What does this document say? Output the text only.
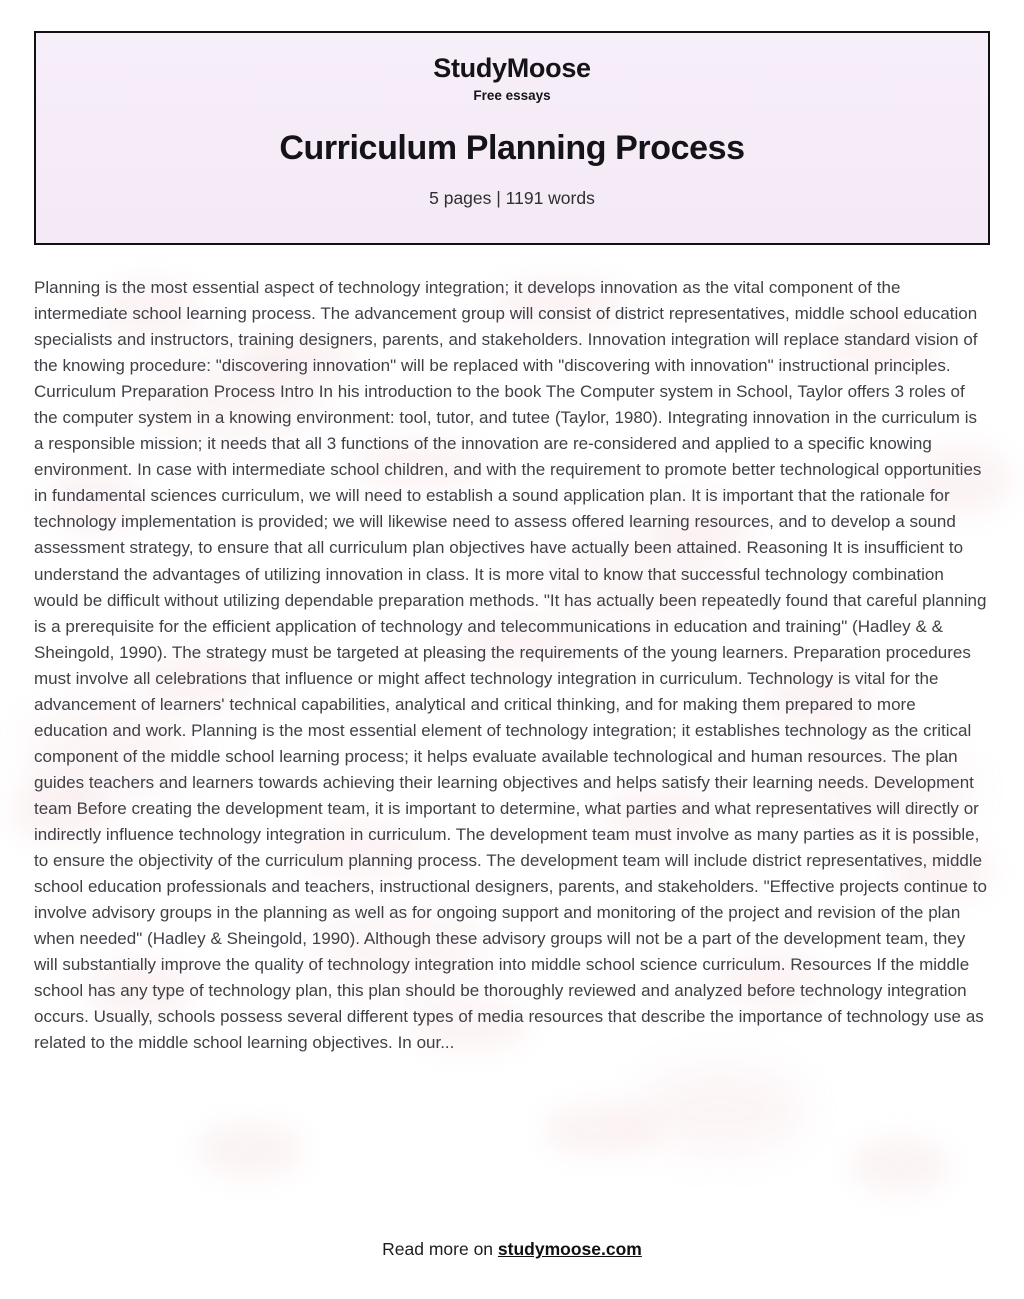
StudyMoose
Free essays
Curriculum Planning Process
5 pages | 1191 words
Planning is the most essential aspect of technology integration; it develops innovation as the vital component of the intermediate school learning process. The advancement group will consist of district representatives, middle school education specialists and instructors, training designers, parents, and stakeholders. Innovation integration will replace standard vision of the knowing procedure: "discovering innovation" will be replaced with "discovering with innovation" instructional principles. Curriculum Preparation Process Intro In his introduction to the book The Computer system in School, Taylor offers 3 roles of the computer system in a knowing environment: tool, tutor, and tutee (Taylor, 1980). Integrating innovation in the curriculum is a responsible mission; it needs that all 3 functions of the innovation are re-considered and applied to a specific knowing environment. In case with intermediate school children, and with the requirement to promote better technological opportunities in fundamental sciences curriculum, we will need to establish a sound application plan. It is important that the rationale for technology implementation is provided; we will likewise need to assess offered learning resources, and to develop a sound assessment strategy, to ensure that all curriculum plan objectives have actually been attained. Reasoning It is insufficient to understand the advantages of utilizing innovation in class. It is more vital to know that successful technology combination would be difficult without utilizing dependable preparation methods. "It has actually been repeatedly found that careful planning is a prerequisite for the efficient application of technology and telecommunications in education and training" (Hadley & & Sheingold, 1990). The strategy must be targeted at pleasing the requirements of the young learners. Preparation procedures must involve all celebrations that influence or might affect technology integration in curriculum. Technology is vital for the advancement of learners' technical capabilities, analytical and critical thinking, and for making them prepared to more education and work. Planning is the most essential element of technology integration; it establishes technology as the critical component of the middle school learning process; it helps evaluate available technological and human resources. The plan guides teachers and learners towards achieving their learning objectives and helps satisfy their learning needs. Development team Before creating the development team, it is important to determine, what parties and what representatives will directly or indirectly influence technology integration in curriculum. The development team must involve as many parties as it is possible, to ensure the objectivity of the curriculum planning process. The development team will include district representatives, middle school education professionals and teachers, instructional designers, parents, and stakeholders. "Effective projects continue to involve advisory groups in the planning as well as for ongoing support and monitoring of the project and revision of the plan when needed" (Hadley & Sheingold, 1990). Although these advisory groups will not be a part of the development team, they will substantially improve the quality of technology integration into middle school science curriculum. Resources If the middle school has any type of technology plan, this plan should be thoroughly reviewed and analyzed before technology integration occurs. Usually, schools possess several different types of media resources that describe the importance of technology use as related to the middle school learning objectives. In our...
Read more on studymoose.com
